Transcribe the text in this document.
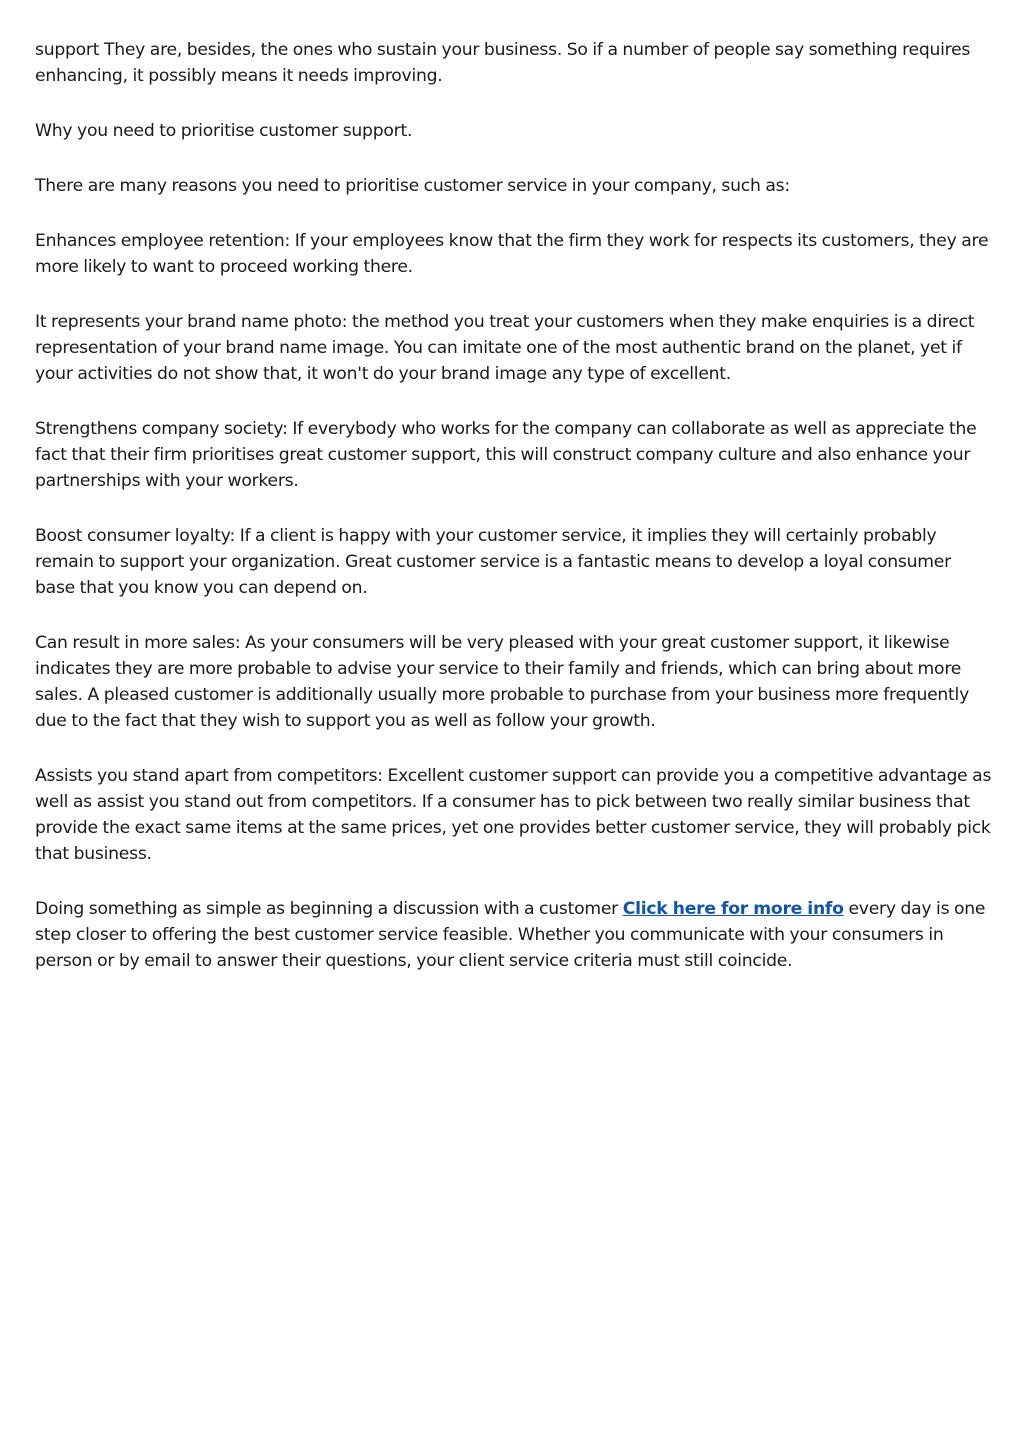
support They are, besides, the ones who sustain your business. So if a number of people say something requires enhancing, it possibly means it needs improving.

Why you need to prioritise customer support.

There are many reasons you need to prioritise customer service in your company, such as:

Enhances employee retention: If your employees know that the firm they work for respects its customers, they are more likely to want to proceed working there.

It represents your brand name photo: the method you treat your customers when they make enquiries is a direct representation of your brand name image. You can imitate one of the most authentic brand on the planet, yet if your activities do not show that, it won't do your brand image any type of excellent.

Strengthens company society: If everybody who works for the company can collaborate as well as appreciate the fact that their firm prioritises great customer support, this will construct company culture and also enhance your partnerships with your workers.

Boost consumer loyalty: If a client is happy with your customer service, it implies they will certainly probably remain to support your organization. Great customer service is a fantastic means to develop a loyal consumer base that you know you can depend on.

Can result in more sales: As your consumers will be very pleased with your great customer support, it likewise indicates they are more probable to advise your service to their family and friends, which can bring about more sales. A pleased customer is additionally usually more probable to purchase from your business more frequently due to the fact that they wish to support you as well as follow your growth.

Assists you stand apart from competitors: Excellent customer support can provide you a competitive advantage as well as assist you stand out from competitors. If a consumer has to pick between two really similar business that provide the exact same items at the same prices, yet one provides better customer service, they will probably pick that business.

Doing something as simple as beginning a discussion with a customer Click here for more info every day is one step closer to offering the best customer service feasible. Whether you communicate with your consumers in person or by email to answer their questions, your client service criteria must still coincide.
